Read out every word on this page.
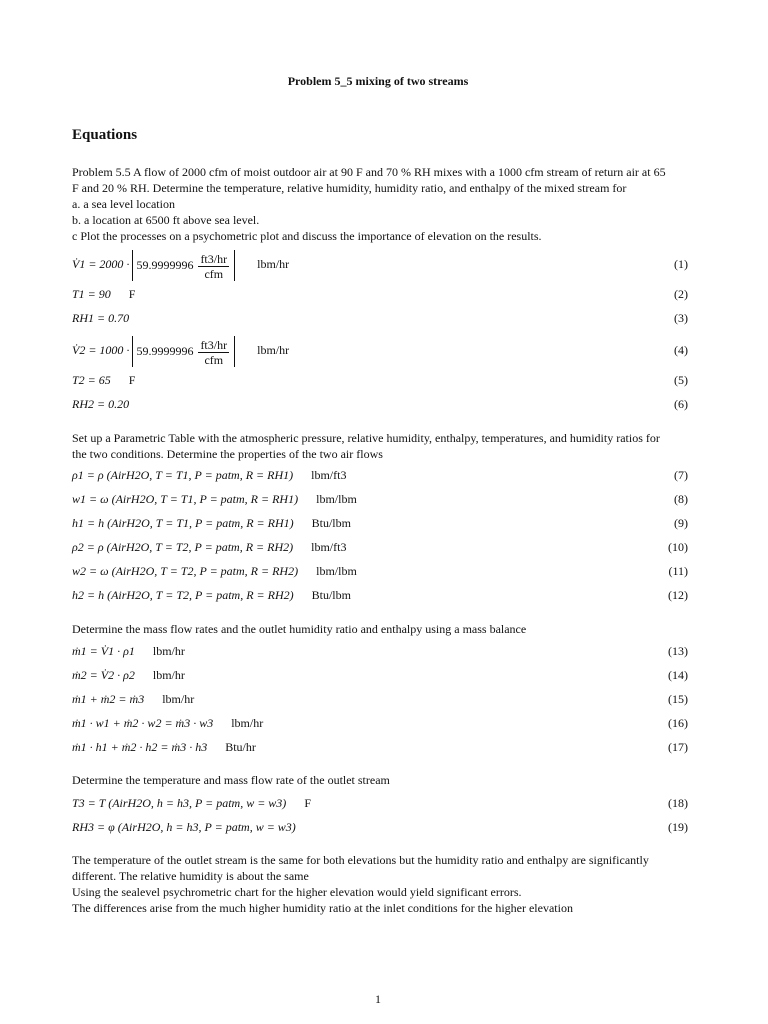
Problem 5_5 mixing of two streams
Equations
Problem 5.5 A flow of 2000 cfm of moist outdoor air at 90 F and 70 % RH mixes with a 1000 cfm stream of return air at 65
F and 20 % RH. Determine the temperature, relative humidity, humidity ratio, and enthalpy of the mixed stream for
a. a sea level location
b. a location at 6500 ft above sea level.
c Plot the processes on a psychometric plot and discuss the importance of elevation on the results.
V̇1 = $2000 \cdot 59.9999996 \frac{ft3/hr}{\text{cfm}} lbm/hr$	(1)
T1 = 90 F	(2)
RH1 = 0.70	(3)
V̇2 = $1000 \cdot 59.9999996 \frac{ft3/hr}{\text{cfm}} lbm/hr$	(4)
T2 = 65 F	(5)
RH2 = 0.20	(6)
Set up a Parametric Table with the atmospheric pressure, relative humidity, enthalpy, temperatures, and humidity ratios for
the two conditions. Determine the properties of the two air flows
ρ1 = ρ (AirH2O, T = T1, P = patm, R = RH1) lbm/ft3	(7)
w1 = ω (AirH2O, T = T1, P = patm, R = RH1) lbm/lbm	(8)
h1 = h (AirH2O, T = T1, P = patm, R = RH1) Btu/lbm	(9)
ρ2 = ρ (AirH2O, T = T2, P = patm, R = RH2) lbm/ft3	(10)
w2 = ω (AirH2O, T = T2, P = patm, R = RH2) lbm/lbm	(11)
h2 = h (AirH2O, T = T2, P = patm, R = RH2) Btu/lbm	(12)
Determine the mass flow rates and the outlet humidity ratio and enthalpy using a mass balance
ṁ1 = V̇1 · ρ1 lbm/hr	(13)
ṁ2 = V̇2 · ρ2 lbm/hr	(14)
ṁ1 + ṁ2 = ṁ3 lbm/hr	(15)
ṁ1 · w1 + ṁ2 · w2 = ṁ3 · w3 lbm/hr	(16)
ṁ1 · h1 + ṁ2 · h2 = ṁ3 · h3 Btu/hr	(17)
Determine the temperature and mass flow rate of the outlet stream
T3 = T (AirH2O, h = h3, P = patm, w = w3) F	(18)
RH3 = φ (AirH2O, h = h3, P = patm, w = w3)	(19)
The temperature of the outlet stream is the same for both elevations but the humidity ratio and enthalpy are significantly
different. The relative humidity is about the same
Using the sealevel psychrometric chart for the higher elevation would yield significant errors.
The differences arise from the much higher humidity ratio at the inlet conditions for the higher elevation
1
